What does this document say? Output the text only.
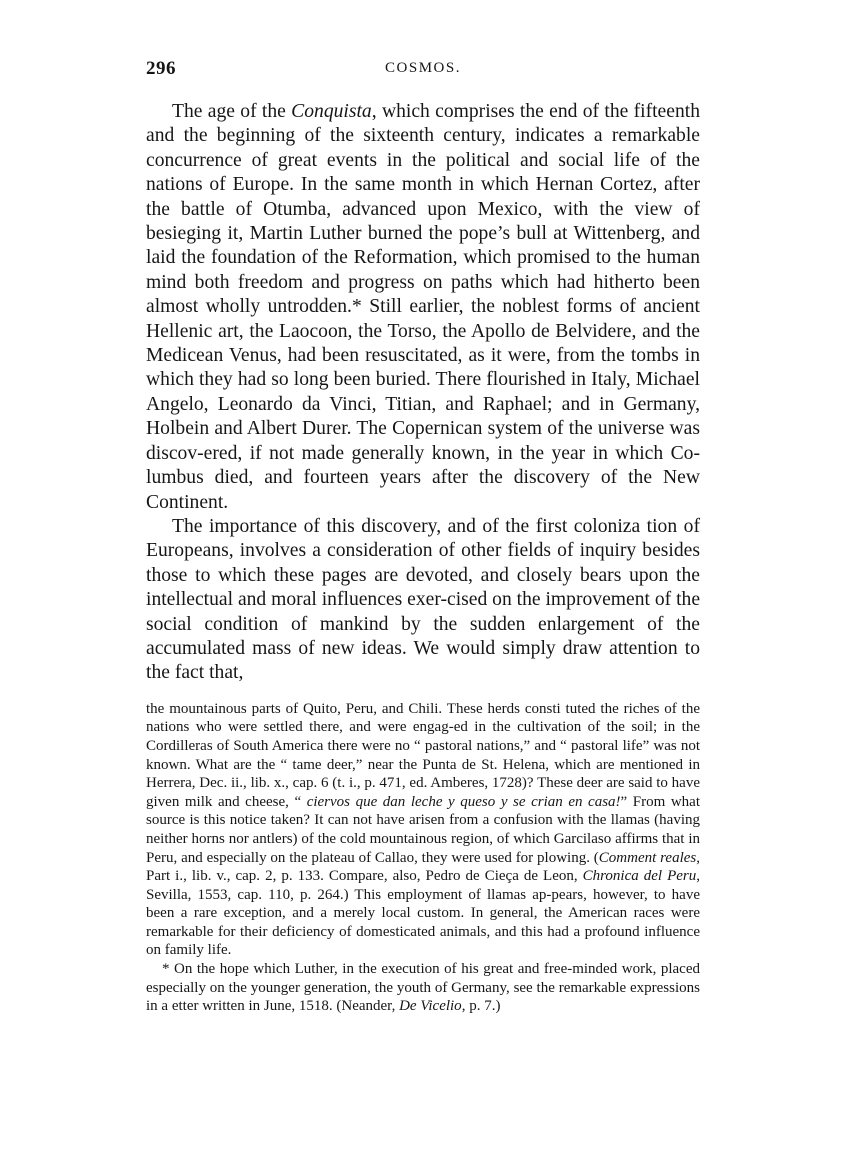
296	COSMOS.

The age of the Conquista, which comprises the end of the fifteenth and the beginning of the sixteenth century, indicates a remarkable concurrence of great events in the political and social life of the nations of Europe. In the same month in which Hernan Cortez, after the battle of Otumba, advanced upon Mexico, with the view of besieging it, Martin Luther burned the pope’s bull at Wittenberg, and laid the foundation of the Reformation, which promised to the human mind both freedom and progress on paths which had hitherto been almost wholly untrodden.* Still earlier, the noblest forms of ancient Hellenic art, the Laocoon, the Torso, the Apollo de Belvidere, and the Medicean Venus, had been resuscitated, as it were, from the tombs in which they had so long been buried. There flourished in Italy, Michael Angelo, Leonardo da Vinci, Titian, and Raphael; and in Germany, Holbein and Albert Durer. The Copernican system of the universe was discov-ered, if not made generally known, in the year in which Co-lumbus died, and fourteen years after the discovery of the New Continent.

The importance of this discovery, and of the first coloniza tion of Europeans, involves a consideration of other fields of inquiry besides those to which these pages are devoted, and closely bears upon the intellectual and moral influences exer-cised on the improvement of the social condition of mankind by the sudden enlargement of the accumulated mass of new ideas. We would simply draw attention to the fact that,

the mountainous parts of Quito, Peru, and Chili. These herds consti tuted the riches of the nations who were settled there, and were engag-ed in the cultivation of the soil; in the Cordilleras of South America there were no “ pastoral nations,” and “ pastoral life” was not known. What are the “ tame deer,” near the Punta de St. Helena, which are mentioned in Herrera, Dec. ii., lib. x., cap. 6 (t. i., p. 471, ed. Amberes, 1728)? These deer are said to have given milk and cheese, “ ciervos que dan leche y queso y se crian en casa!” From what source is this notice taken? It can not have arisen from a confusion with the llamas (having neither horns nor antlers) of the cold mountainous region, of which Garcilaso affirms that in Peru, and especially on the plateau of Callao, they were used for plowing. (Comment reales, Part i., lib. v., cap. 2, p. 133. Compare, also, Pedro de Cieça de Leon, Chronica del Peru, Sevilla, 1553, cap. 110, p. 264.) This employment of llamas ap-pears, however, to have been a rare exception, and a merely local custom. In general, the American races were remarkable for their deficiency of domesticated animals, and this had a profound influence on family life.

* On the hope which Luther, in the execution of his great and free-minded work, placed especially on the younger generation, the youth of Germany, see the remarkable expressions in a etter written in June, 1518. (Neander, De Vicelio, p. 7.)
